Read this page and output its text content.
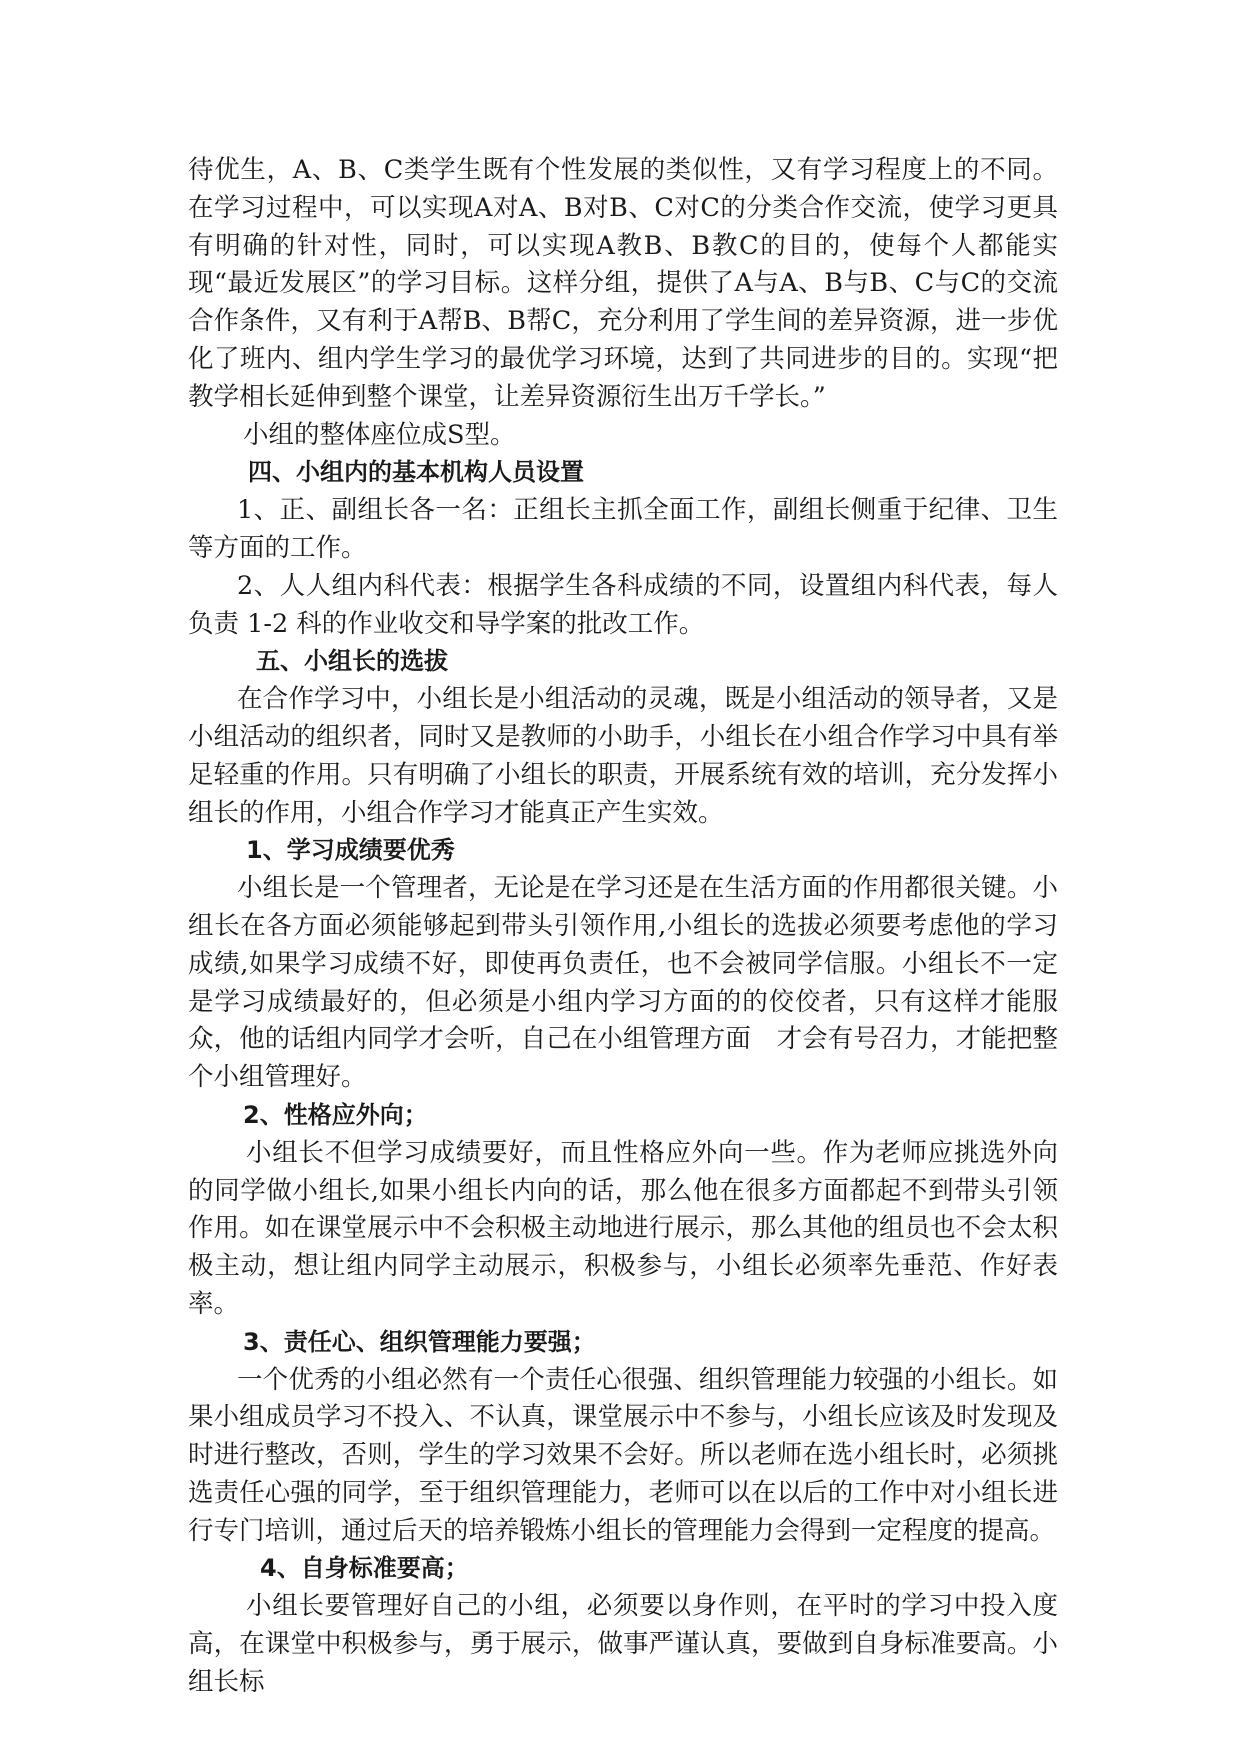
待优生，A、B、C类学生既有个性发展的类似性，又有学习程度上的不同。在学习过程中，可以实现A对A、B对B、C对C的分类合作交流，使学习更具有明确的针对性，同时，可以实现A教B、B教C的目的，使每个人都能实现“最近发展区”的学习目标。这样分组，提供了A与A、B与B、C与C的交流合作条件，又有利于A帮B、B帮C，充分利用了学生间的差异资源，进一步优化了班内、组内学生学习的最优学习环境，达到了共同进步的目的。实现“把教学相长延伸到整个课堂，让差异资源衍生出万千学长。”

小组的整体座位成S型。

四、小组内的基本机构人员设置

1、正、副组长各一名：正组长主抓全面工作，副组长侧重于纪律、卫生等方面的工作。

2、人人组内科代表：根据学生各科成绩的不同，设置组内科代表，每人负责 1-2 科的作业收交和导学案的批改工作。

五、小组长的选拔

在合作学习中，小组长是小组活动的灵魂，既是小组活动的领导者，又是小组活动的组织者，同时又是教师的小助手，小组长在小组合作学习中具有举足轻重的作用。只有明确了小组长的职责，开展系统有效的培训，充分发挥小组长的作用，小组合作学习才能真正产生实效。

1、学习成绩要优秀

小组长是一个管理者，无论是在学习还是在生活方面的作用都很关键。小组长在各方面必须能够起到带头引领作用,小组长的选拔必须要考虑他的学习成绩,如果学习成绩不好，即使再负责任，也不会被同学信服。小组长不一定是学习成绩最好的，但必须是小组内学习方面的的佼佼者，只有这样才能服众，他的话组内同学才会听，自己在小组管理方面　才会有号召力，才能把整个小组管理好。

2、性格应外向；

小组长不但学习成绩要好，而且性格应外向一些。作为老师应挑选外向的同学做小组长,如果小组长内向的话，那么他在很多方面都起不到带头引领作用。如在课堂展示中不会积极主动地进行展示，那么其他的组员也不会太积极主动，想让组内同学主动展示，积极参与，小组长必须率先垂范、作好表率。

3、责任心、组织管理能力要强；

一个优秀的小组必然有一个责任心很强、组织管理能力较强的小组长。如果小组成员学习不投入、不认真，课堂展示中不参与，小组长应该及时发现及时进行整改，否则，学生的学习效果不会好。所以老师在选小组长时，必须挑选责任心强的同学，至于组织管理能力，老师可以在以后的工作中对小组长进行专门培训，通过后天的培养锻炼小组长的管理能力会得到一定程度的提高。

4、自身标准要高；

小组长要管理好自己的小组，必须要以身作则，在平时的学习中投入度高，在课堂中积极参与，勇于展示，做事严谨认真，要做到自身标准要高。小组长标
